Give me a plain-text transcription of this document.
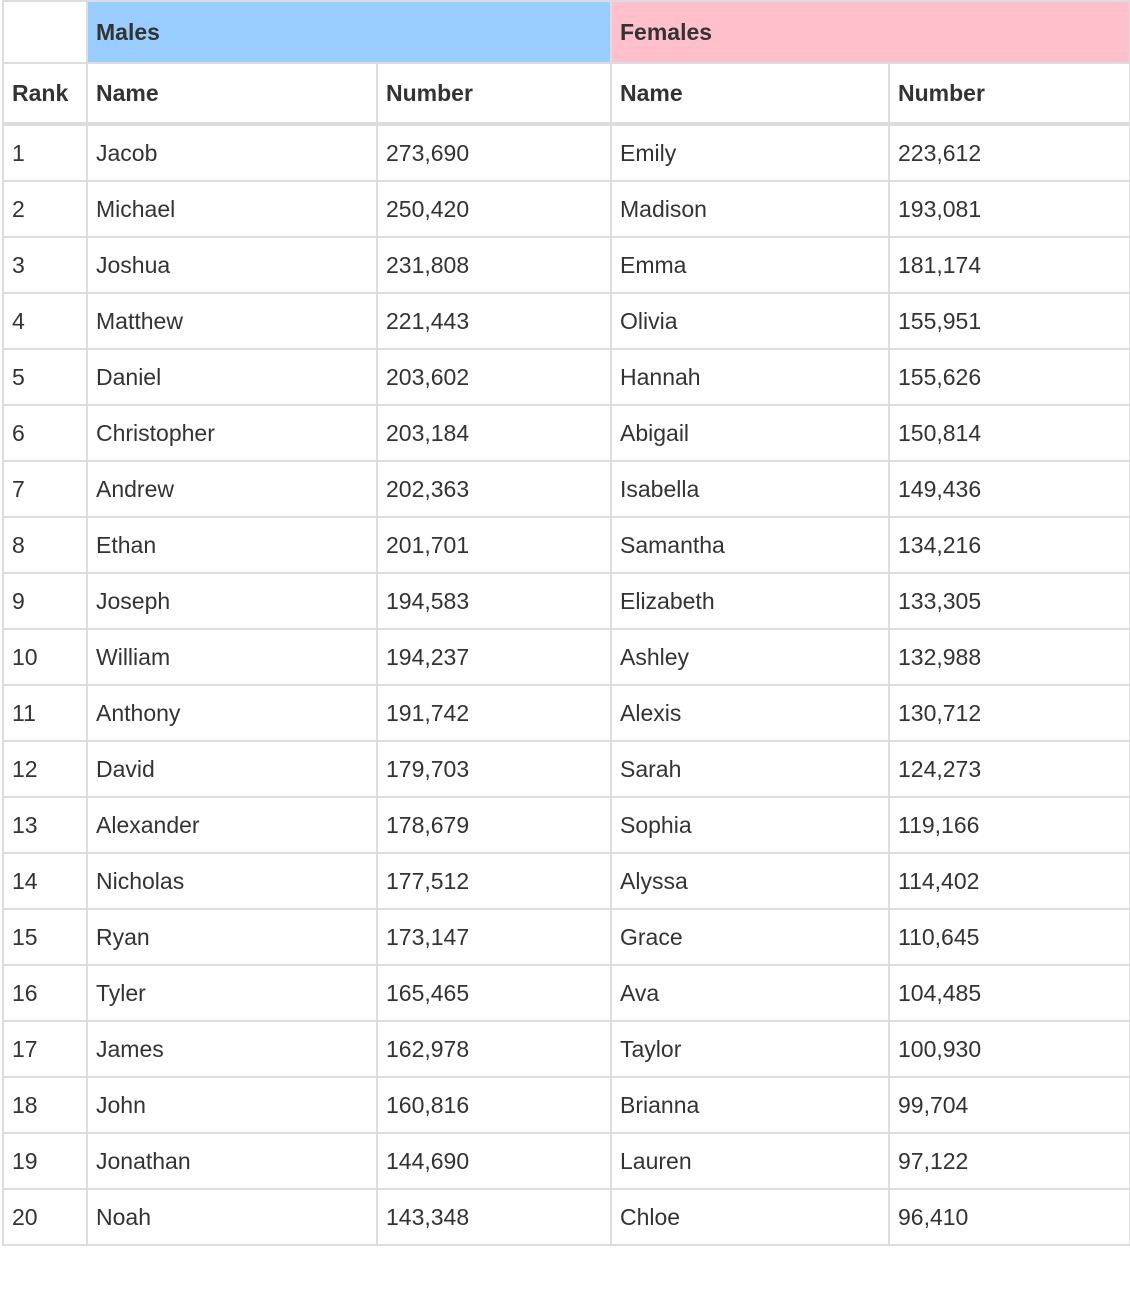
	Males		Females	
Rank	Name	Number	Name	Number
1	Jacob	273,690	Emily	223,612
2	Michael	250,420	Madison	193,081
3	Joshua	231,808	Emma	181,174
4	Matthew	221,443	Olivia	155,951
5	Daniel	203,602	Hannah	155,626
6	Christopher	203,184	Abigail	150,814
7	Andrew	202,363	Isabella	149,436
8	Ethan	201,701	Samantha	134,216
9	Joseph	194,583	Elizabeth	133,305
10	William	194,237	Ashley	132,988
11	Anthony	191,742	Alexis	130,712
12	David	179,703	Sarah	124,273
13	Alexander	178,679	Sophia	119,166
14	Nicholas	177,512	Alyssa	114,402
15	Ryan	173,147	Grace	110,645
16	Tyler	165,465	Ava	104,485
17	James	162,978	Taylor	100,930
18	John	160,816	Brianna	99,704
19	Jonathan	144,690	Lauren	97,122
20	Noah	143,348	Chloe	96,410
